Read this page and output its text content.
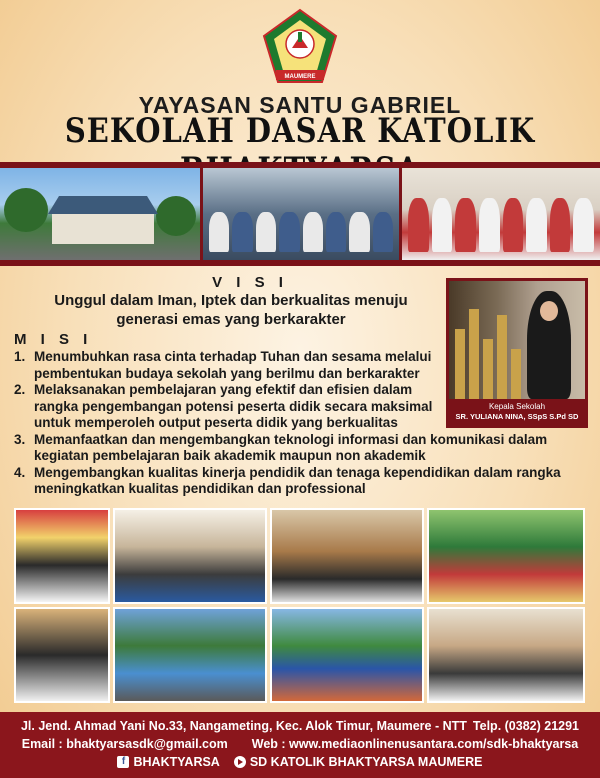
MAUMERE
YAYASAN SANTU GABRIEL
SEKOLAH DASAR KATOLIK
V I S I
Unggul dalam Iman, Iptek dan berkualitas menuju
generasi emas yang berkarakter
M I S I
1. Menumbuhkan rasa cinta terhadap Tuhan dan sesama melalui
pembentukan budaya sekolah yang berilmu dan berkarakter
2. Melaksanakan pembelajaran yang efektif dan efisien dalam
rangka pengembangan potensi peserta didik secara maksimal
untuk memperoleh output peserta didik yang berkualitas
3. Memanfaatkan dan mengembangkan teknologi informasi dan komunikasi dalam
kegiatan pembelajaran baik akademik maupun non akademik
4. Mengembangkan kualitas kinerja pendidik dan tenaga kependidikan dalam rangka
meningkatkan kualitas pendidikan dan professional
Kepala Sekolah
SR. YULIANA NINA, SSpS S.Pd SD
Jl. Jend. Ahmad Yani No.33, Nangameting, Kec. Alok Timur, Maumere - NTT Telp. (0382) 21291
Email : bhaktyarsasdk@gmail.com Web : www.mediaonlinenusantara.com/sdk-bhaktyarsa
f BHAKTYARSA SD KATOLIK BHAKTYARSA MAUMERE
